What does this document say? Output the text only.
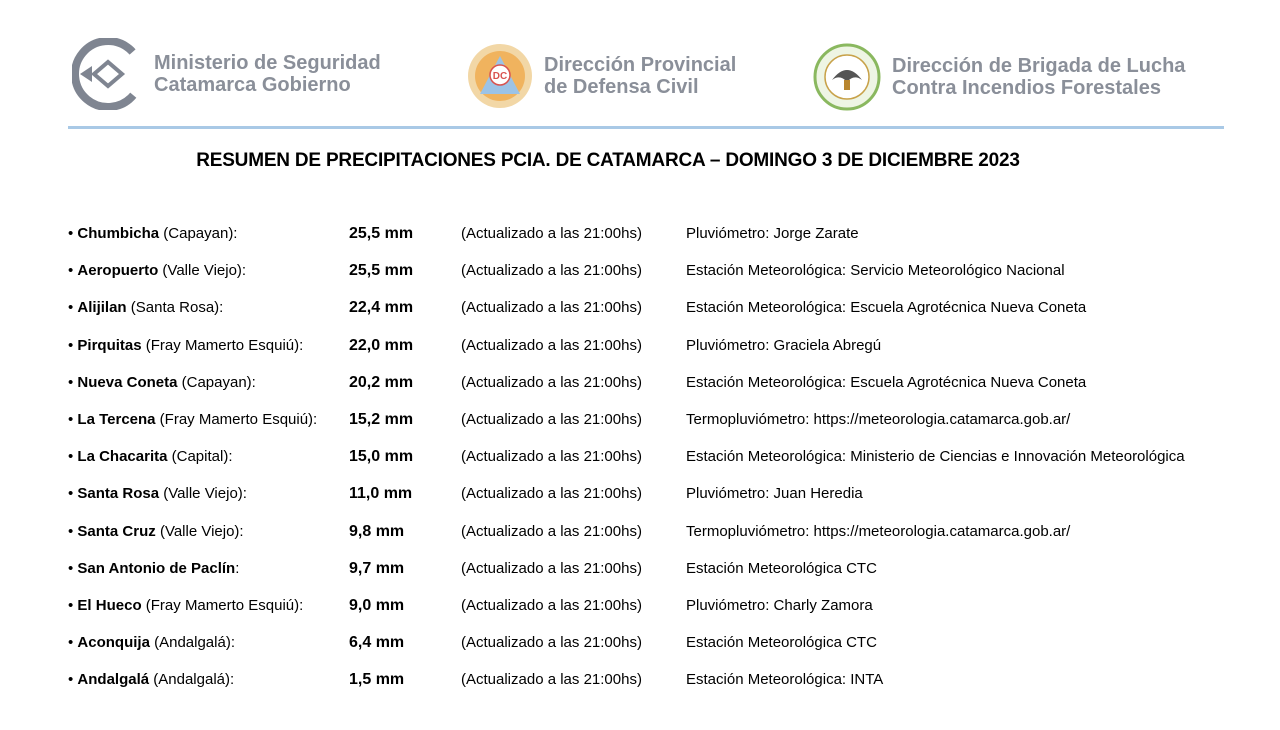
Ministerio de Seguridad
Catamarca Gobierno	DC
Dirección Provincial
de Defensa Civil
Dirección de Brigada de Lucha
Contra Incendios Forestales
RESUMEN DE PRECIPITACIONES PCIA. DE CATAMARCA – DOMINGO 3 DE DICIEMBRE 2023
• Chumbicha (Capayan):	25,5 mm	(Actualizado a las 21:00hs)	Pluviómetro: Jorge Zarate
• Aeropuerto (Valle Viejo):	25,5 mm	(Actualizado a las 21:00hs)	Estación Meteorológica: Servicio Meteorológico Nacional
• Alijilan (Santa Rosa):	22,4 mm	(Actualizado a las 21:00hs)	Estación Meteorológica: Escuela Agrotécnica Nueva Coneta
• Pirquitas (Fray Mamerto Esquiú):	22,0 mm	(Actualizado a las 21:00hs)	Pluviómetro: Graciela Abregú
• Nueva Coneta (Capayan):	20,2 mm	(Actualizado a las 21:00hs)	Estación Meteorológica: Escuela Agrotécnica Nueva Coneta
• La Tercena (Fray Mamerto Esquiú): 15,2 mm	(Actualizado a las 21:00hs)	Termopluviómetro: https://meteorologia.catamarca.gob.ar/
• La Chacarita (Capital):	15,0 mm	(Actualizado a las 21:00hs)	Estación Meteorológica: Ministerio de Ciencias e Innovación Meteorológica
• Santa Rosa (Valle Viejo):	11,0 mm	(Actualizado a las 21:00hs)	Pluviómetro: Juan Heredia
• Santa Cruz (Valle Viejo):	9,8 mm	(Actualizado a las 21:00hs)	Termopluviómetro: https://meteorologia.catamarca.gob.ar/
• San Antonio de Paclín:	9,7 mm	(Actualizado a las 21:00hs)	Estación Meteorológica CTC
• El Hueco (Fray Mamerto Esquiú):	9,0 mm	(Actualizado a las 21:00hs)	Pluviómetro: Charly Zamora
• Aconquija (Andalgalá):	6,4 mm	(Actualizado a las 21:00hs)	Estación Meteorológica CTC
• Andalgalá (Andalgalá):	1,5 mm	(Actualizado a las 21:00hs)	Estación Meteorológica: INTA
